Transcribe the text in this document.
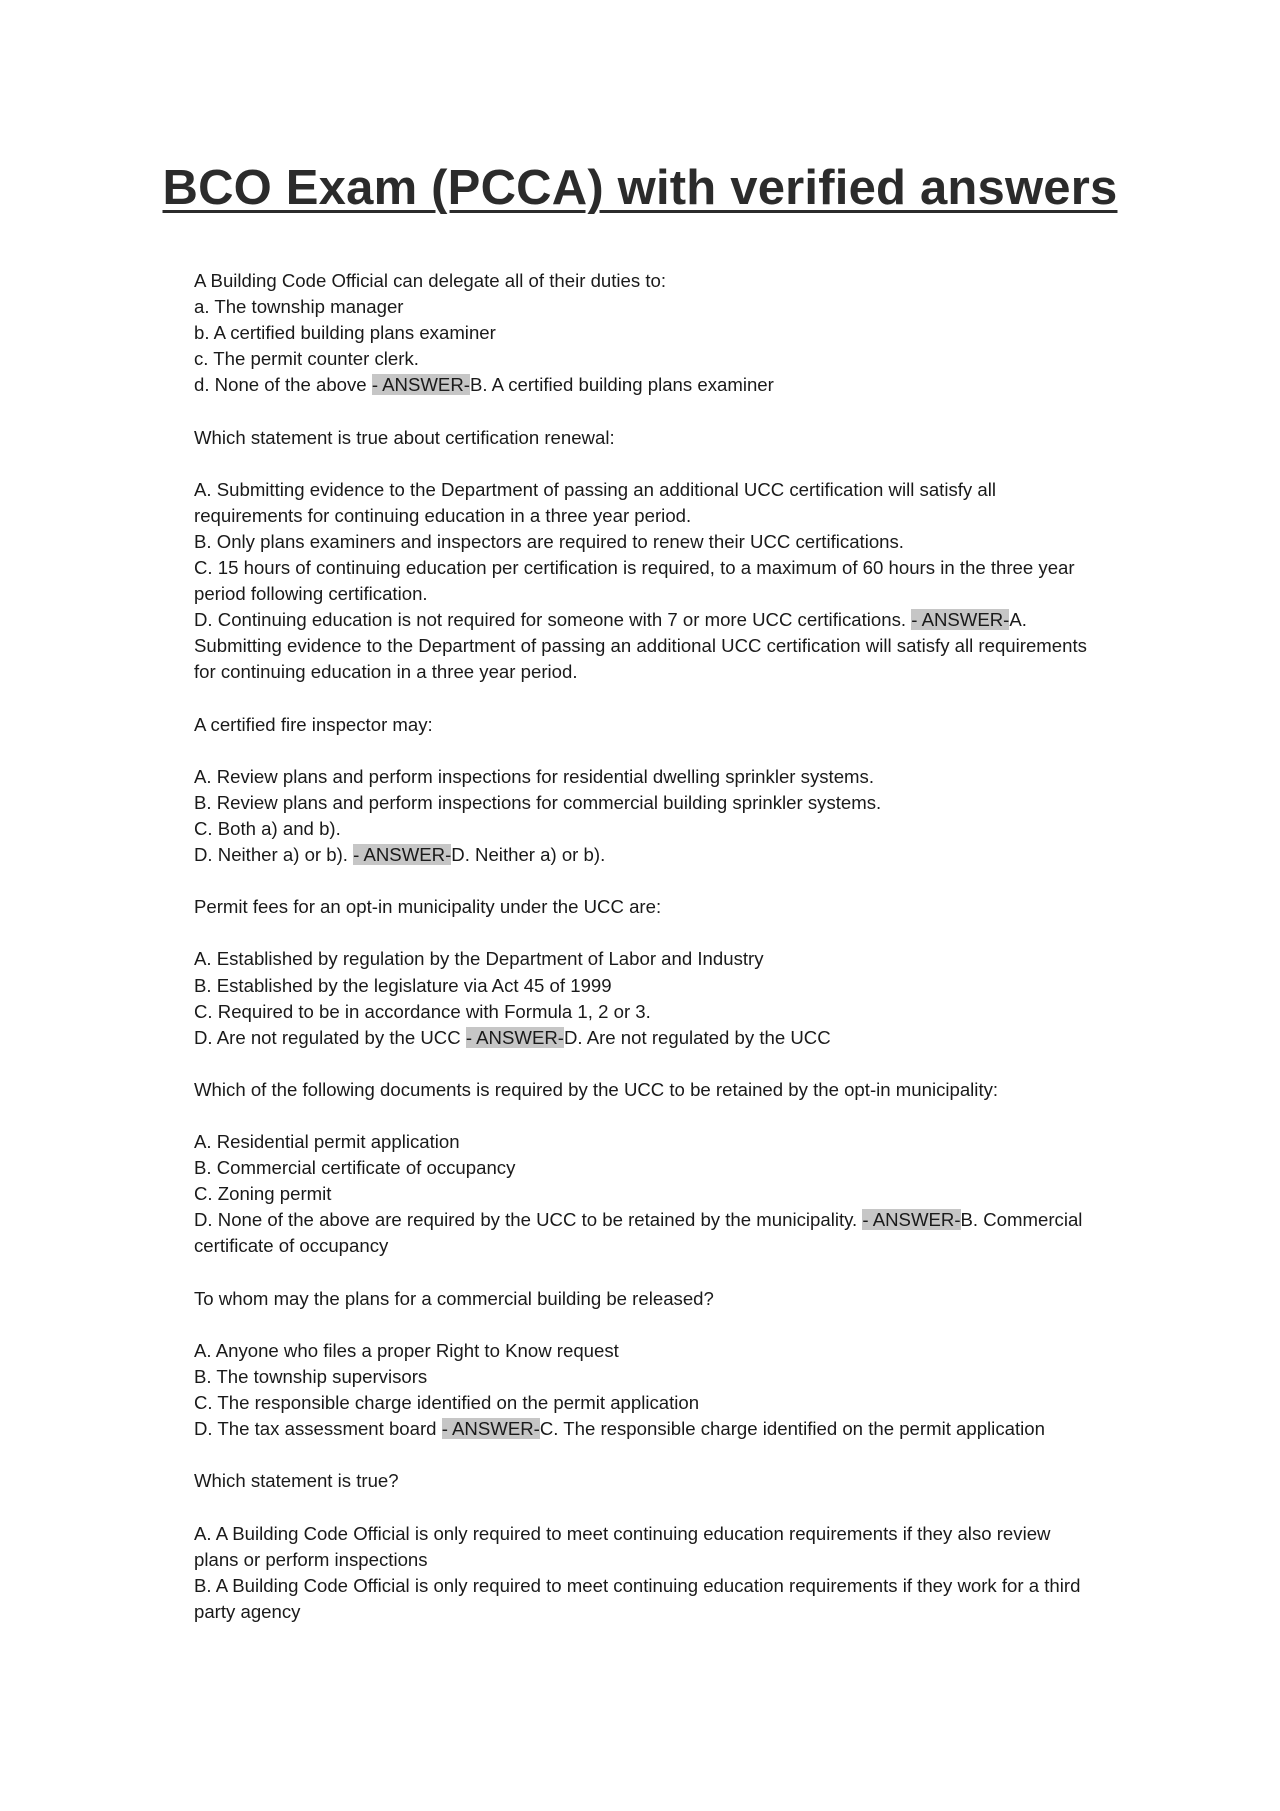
BCO Exam (PCCA) with verified answers

A Building Code Official can delegate all of their duties to:

a. The township manager

b. A certified building plans examiner

c. The permit counter clerk.

d. None of the above - ANSWER-B. A certified building plans examiner

Which statement is true about certification renewal:

A. Submitting evidence to the Department of passing an additional UCC certification will satisfy all requirements for continuing education in a three year period.

B. Only plans examiners and inspectors are required to renew their UCC certifications.

C. 15 hours of continuing education per certification is required, to a maximum of 60 hours in the three year period following certification.

D. Continuing education is not required for someone with 7 or more UCC certifications. - ANSWER-A. Submitting evidence to the Department of passing an additional UCC certification will satisfy all requirements for continuing education in a three year period.

A certified fire inspector may:

A. Review plans and perform inspections for residential dwelling sprinkler systems.

B. Review plans and perform inspections for commercial building sprinkler systems.

C. Both a) and b).

D. Neither a) or b). - ANSWER-D. Neither a) or b).

Permit fees for an opt-in municipality under the UCC are:

A. Established by regulation by the Department of Labor and Industry

B. Established by the legislature via Act 45 of 1999

C. Required to be in accordance with Formula 1, 2 or 3.

D. Are not regulated by the UCC - ANSWER-D. Are not regulated by the UCC

Which of the following documents is required by the UCC to be retained by the opt-in municipality:

A. Residential permit application

B. Commercial certificate of occupancy

C. Zoning permit

D. None of the above are required by the UCC to be retained by the municipality. - ANSWER-B. Commercial certificate of occupancy

To whom may the plans for a commercial building be released?

A. Anyone who files a proper Right to Know request

B. The township supervisors

C. The responsible charge identified on the permit application

D. The tax assessment board - ANSWER-C. The responsible charge identified on the permit application

Which statement is true?

A. A Building Code Official is only required to meet continuing education requirements if they also review plans or perform inspections

B. A Building Code Official is only required to meet continuing education requirements if they work for a third party agency
